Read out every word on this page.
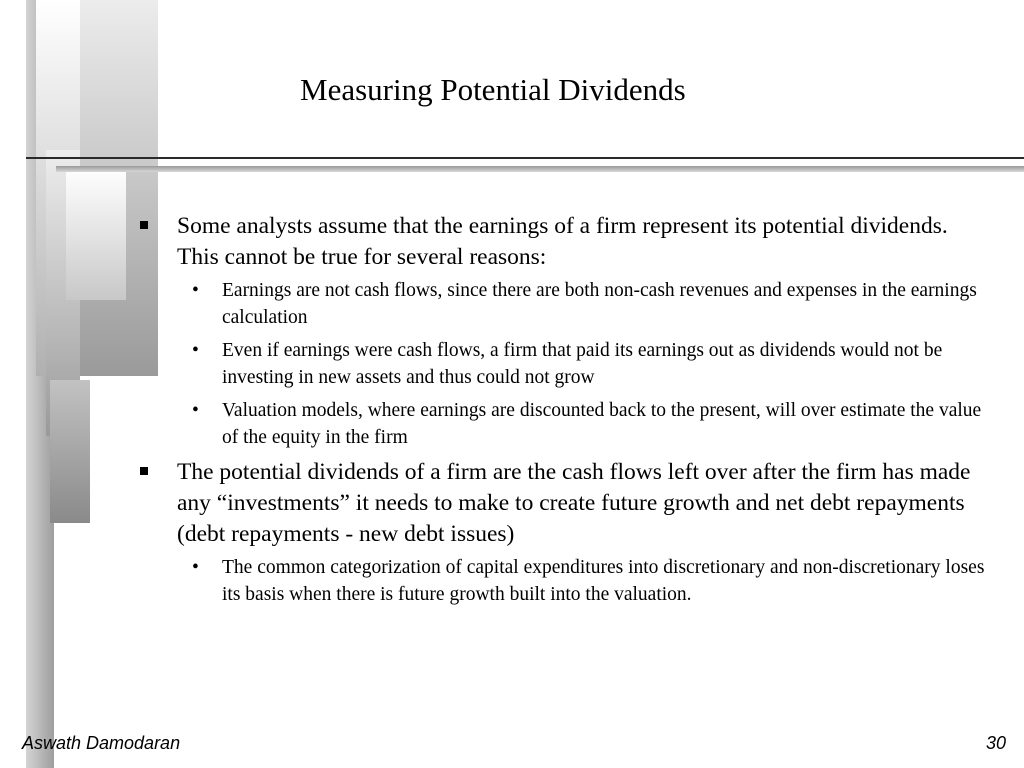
Measuring Potential Dividends
Some analysts assume that the earnings of a firm represent its potential dividends. This cannot be true for several reasons:
• Earnings are not cash flows, since there are both non-cash revenues and expenses in the earnings calculation
• Even if earnings were cash flows, a firm that paid its earnings out as dividends would not be investing in new assets and thus could not grow
• Valuation models, where earnings are discounted back to the present, will over estimate the value of the equity in the firm
The potential dividends of a firm are the cash flows left over after the firm has made any “investments” it needs to make to create future growth and net debt repayments (debt repayments - new debt issues)
• The common categorization of capital expenditures into discretionary and non-discretionary loses its basis when there is future growth built into the valuation.
Aswath Damodaran	30
